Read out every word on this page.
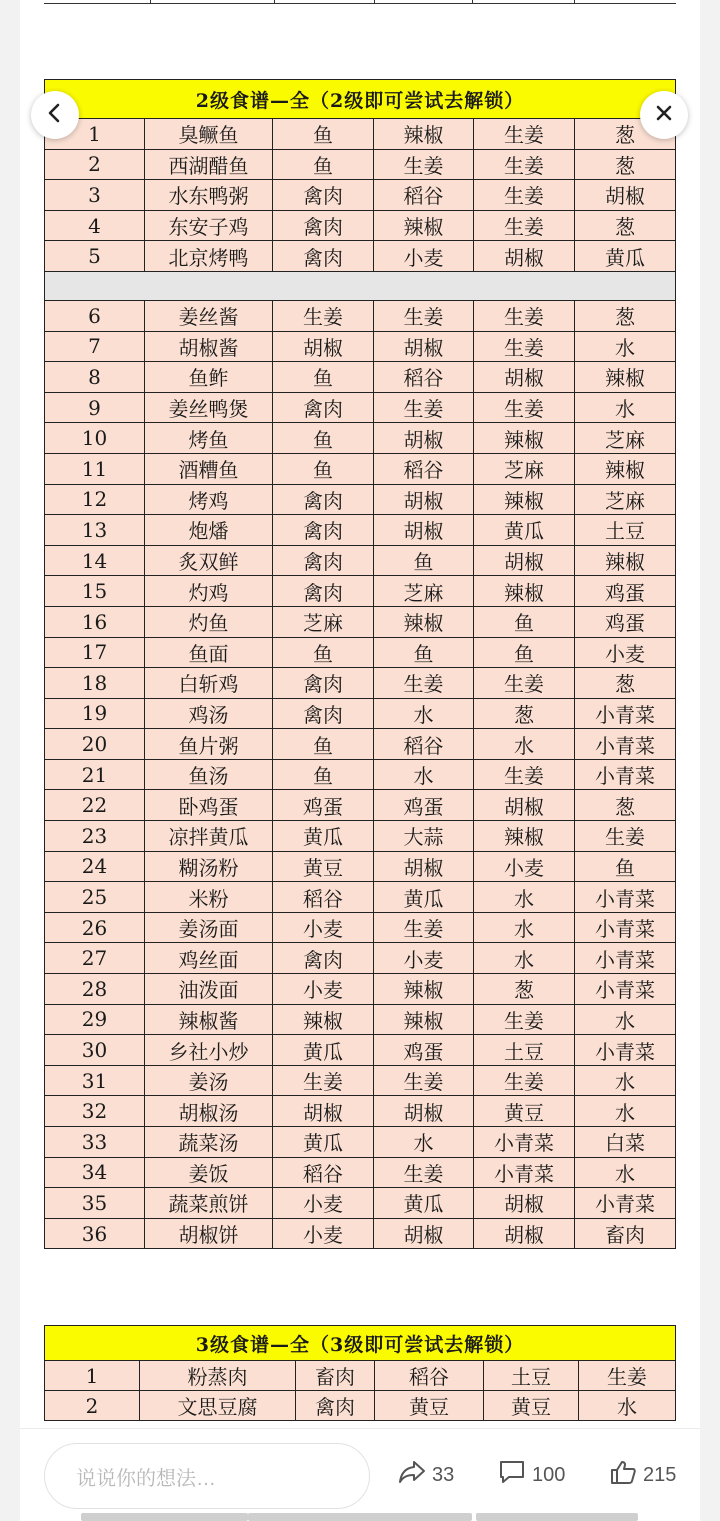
2级食谱—全（2级即可尝试去解锁）					
1	臭鳜鱼	鱼	辣椒	生姜	葱
2	西湖醋鱼	鱼	生姜	生姜	葱
3	水东鸭粥	禽肉	稻谷	生姜	胡椒
4	东安子鸡	禽肉	辣椒	生姜	葱
5	北京烤鸭	禽肉	小麦	胡椒	黄瓜

6	姜丝酱	生姜	生姜	生姜	葱
7	胡椒酱	胡椒	胡椒	生姜	水
8	鱼鲊	鱼	稻谷	胡椒	辣椒
9	姜丝鸭煲	禽肉	生姜	生姜	水
10	烤鱼	鱼	胡椒	辣椒	芝麻
11	酒糟鱼	鱼	稻谷	芝麻	辣椒
12	烤鸡	禽肉	胡椒	辣椒	芝麻
13	炮燔	禽肉	胡椒	黄瓜	土豆
14	炙双鲜	禽肉	鱼	胡椒	辣椒
15	灼鸡	禽肉	芝麻	辣椒	鸡蛋
16	灼鱼	芝麻	辣椒	鱼	鸡蛋
17	鱼面	鱼	鱼	鱼	小麦
18	白斩鸡	禽肉	生姜	生姜	葱
19	鸡汤	禽肉	水	葱	小青菜
20	鱼片粥	鱼	稻谷	水	小青菜
21	鱼汤	鱼	水	生姜	小青菜
22	卧鸡蛋	鸡蛋	鸡蛋	胡椒	葱
23	凉拌黄瓜	黄瓜	大蒜	辣椒	生姜
24	糊汤粉	黄豆	胡椒	小麦	鱼
25	米粉	稻谷	黄瓜	水	小青菜
26	姜汤面	小麦	生姜	水	小青菜
27	鸡丝面	禽肉	小麦	水	小青菜
28	油泼面	小麦	辣椒	葱	小青菜
29	辣椒酱	辣椒	辣椒	生姜	水
30	乡社小炒	黄瓜	鸡蛋	土豆	小青菜
31	姜汤	生姜	生姜	生姜	水
32	胡椒汤	胡椒	胡椒	黄豆	水
33	蔬菜汤	黄瓜	水	小青菜	白菜
34	姜饭	稻谷	生姜	小青菜	水
35	蔬菜煎饼	小麦	黄瓜	胡椒	小青菜
36	胡椒饼	小麦	胡椒	胡椒	畜肉
3级食谱—全（3级即可尝试去解锁）					
1	粉蒸肉	畜肉	稻谷	土豆	生姜
2	文思豆腐	禽肉	黄豆	黄豆	水
说说你的想法…	33	100	215
